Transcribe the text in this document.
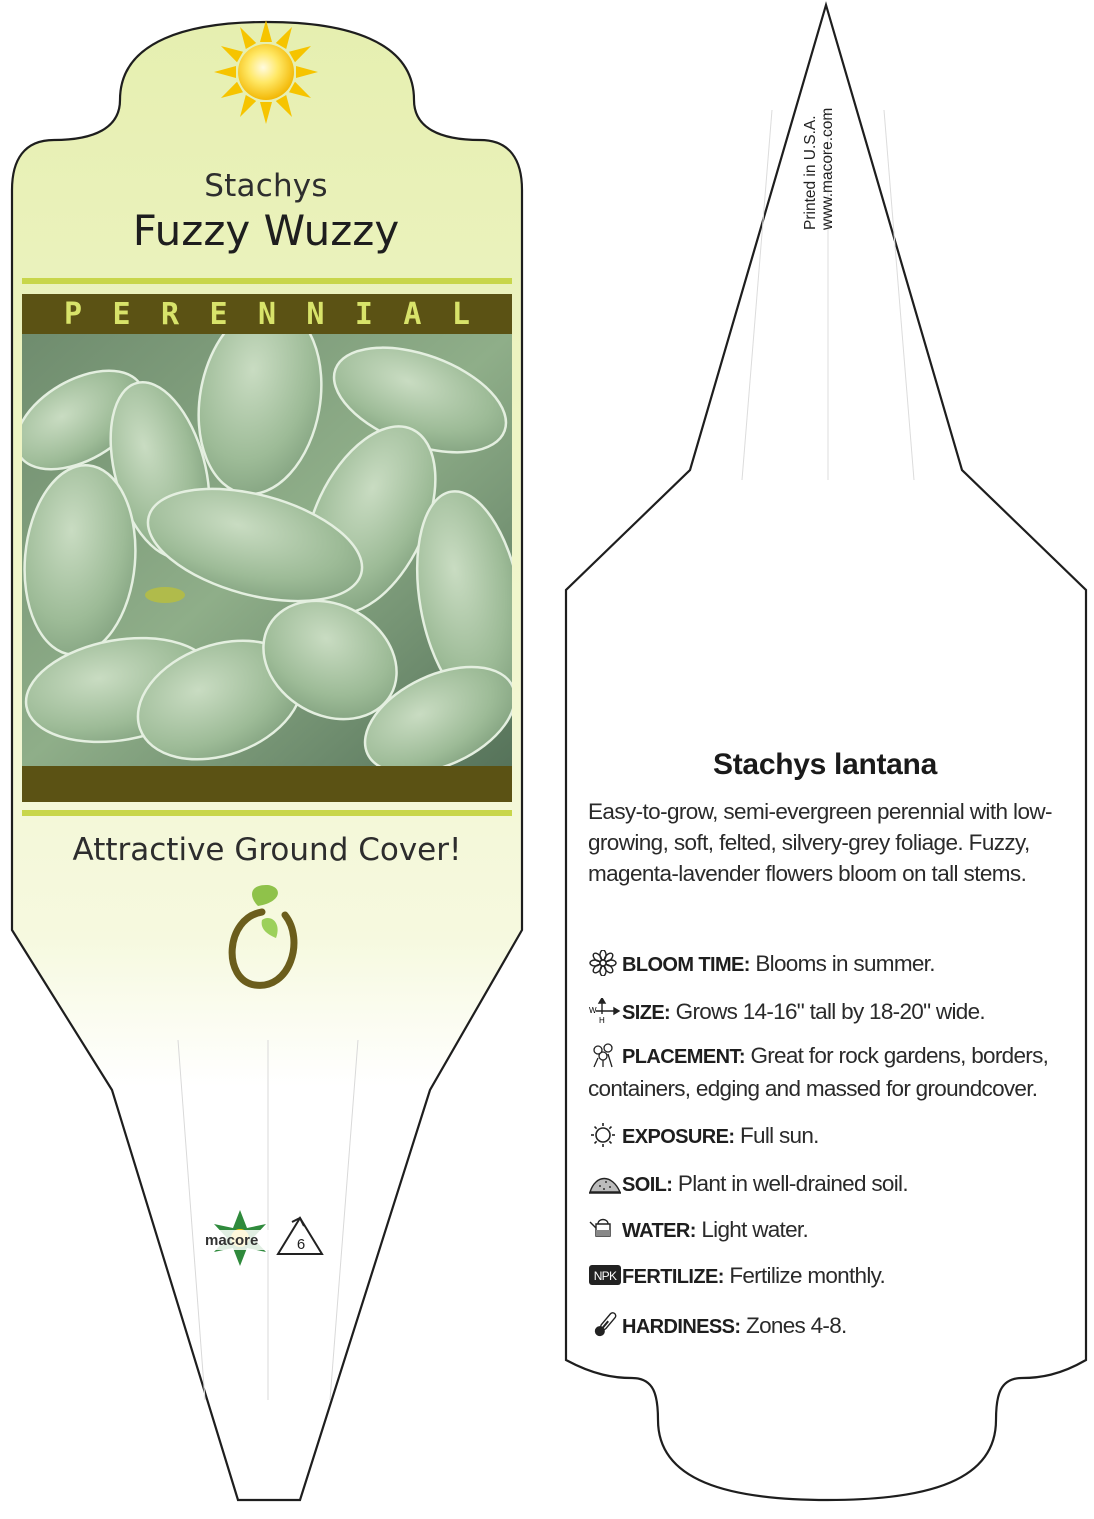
Stachys
Fuzzy Wuzzy
P E R E N N I A L
Attractive Ground Cover!
macore	6
Printed in U.S.A. www.macore.com
Stachys lantana
Easy-to-grow, semi-evergreen perennial with low-growing, soft, felted, silvery-grey foliage. Fuzzy, magenta-lavender flowers bloom on tall stems.
BLOOM TIME: Blooms in summer.
W
H SIZE: Grows 14-16" tall by 18-20" wide.
PLACEMENT: Great for rock gardens, borders, containers, edging and massed for groundcover.
EXPOSURE: Full sun.
SOIL: Plant in well-drained soil.
WATER: Light water.
NPK FERTILIZE: Fertilize monthly.
HARDINESS: Zones 4-8.
